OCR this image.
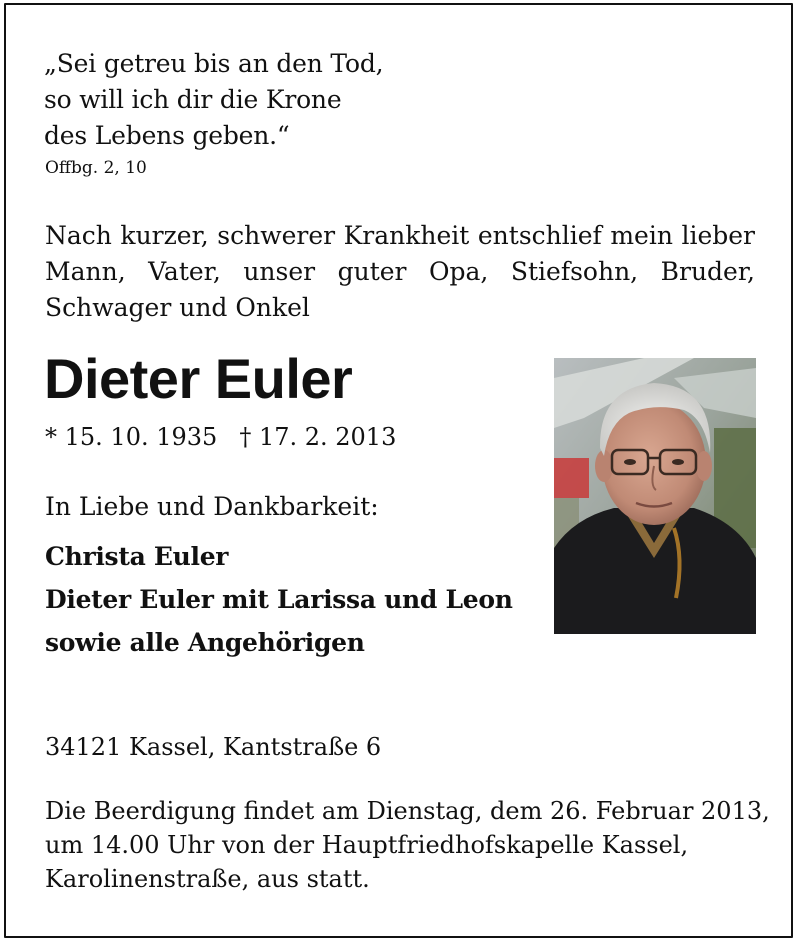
„Sei getreu bis an den Tod,
so will ich dir die Krone
des Lebens geben.“
Offbg. 2, 10
Nach kurzer, schwerer Krankheit entschlief mein lieber Mann, Vater, unser guter Opa, Stiefsohn, Bruder, Schwager und Onkel
Dieter Euler
* 15. 10. 1935 † 17. 2. 2013
In Liebe und Dankbarkeit:
Christa Euler
Dieter Euler mit Larissa und Leon
sowie alle Angehörigen
34121 Kassel, Kantstraße 6
Die Beerdigung findet am Dienstag, dem 26. Februar 2013,
um 14.00 Uhr von der Hauptfriedhofskapelle Kassel,
Karolinenstraße, aus statt.
